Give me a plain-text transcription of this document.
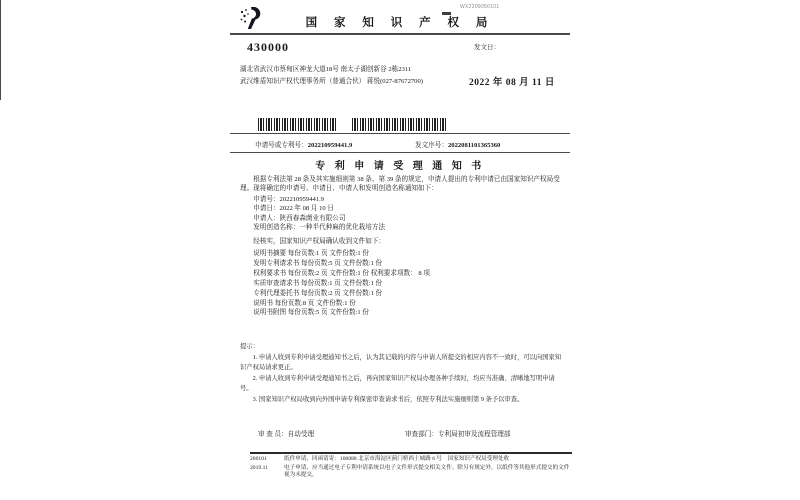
国 家 知 识 产 权 局
WX2209050101
发文日：
2022 年 08 月 11 日
430000
湖北省武汉市蔡甸区神龙大道18号 南太子湖创新谷 2栋2311
武汉维盾知识产权代理事务所（普通合伙） 蒋悦(027-87672700)
申请号或专利号：202210959441.9	发文序号：2022081101365360
专 利 申 请 受 理 通 知 书

根据专利法第 28 条及其实施细则第 38 条、第 39 条的规定，申请人提出的专利申请已由国家知识产权局受理。现将确定的申请号、申请日、申请人和发明创造名称通知如下：

申请号：202210959441.9
申请日：2022 年 08 月 10 日
申请人：陕西春森菌业有限公司
发明创造名称：一种半代种麻的优化栽培方法

经核实，国家知识产权局确认收到文件如下：

说明书摘要 每份页数:1 页 文件份数:1 份
发明专利请求书 每份页数:5 页 文件份数:1 份
权利要求书 每份页数:2 页 文件份数:1 份 权利要求项数： 8 项
实质审查请求书 每份页数:1 页 文件份数:1 份
专利代理委托书 每份页数:2 页 文件份数:1 份
说明书 每份页数:8 页 文件份数:1 份
说明书附图 每份页数:5 页 文件份数:1 份
提示：

1. 申请人收到专利申请受理通知书之后，认为其记载的内容与申请人所提交的相应内容不一致时，可以向国家知识产权局请求更正。

2. 申请人收到专利申请受理通知书之后，再向国家知识产权局办理各种手续时，均应当准确、清晰地写明申请号。

3. 国家知识产权局收到向外国申请专利保密审查请求书后，依照专利法实施细则第 9 条予以审查。

审 查 员：自动受理	审查部门：专利局初审及流程管理部
200101	纸件申请，回函请寄：100088 北京市海淀区蓟门桥西土城路 6 号　国家知识产权局受理处收
2019.11	电子申请，应当通过电子专利申请系统以电子文件形式提交相关文件。除另有规定外，以纸件等其他形式提交的文件视为未提交。
